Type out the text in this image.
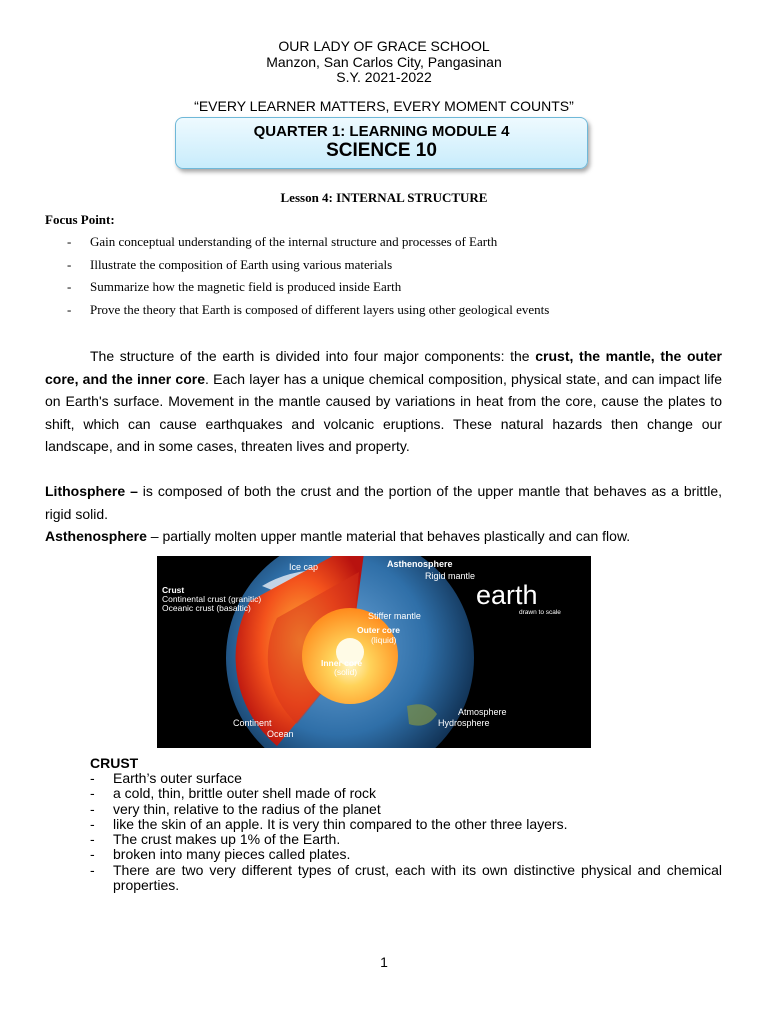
OUR LADY OF GRACE SCHOOL
Manzon, San Carlos City, Pangasinan
S.Y. 2021-2022
“EVERY LEARNER MATTERS, EVERY MOMENT COUNTS”
QUARTER 1: LEARNING MODULE 4
SCIENCE 10
Lesson 4: INTERNAL STRUCTURE
Focus Point:
- Gain conceptual understanding of the internal structure and processes of Earth
- Illustrate the composition of Earth using various materials
- Summarize how the magnetic field is produced inside Earth
- Prove the theory that Earth is composed of different layers using other geological events

The structure of the earth is divided into four major components: the crust, the mantle, the outer core, and the inner core. Each layer has a unique chemical composition, physical state, and can impact life on Earth's surface. Movement in the mantle caused by variations in heat from the core, cause the plates to shift, which can cause earthquakes and volcanic eruptions. These natural hazards then change our landscape, and in some cases, threaten lives and property.

Lithosphere – is composed of both the crust and the portion of the upper mantle that behaves as a brittle, rigid solid.

Asthenosphere – partially molten upper mantle material that behaves plastically and can flow.

Ice cap	Asthenosphere
Rigid mantle
Crust
Continental crust (granitic)
Oceanic crust (basaltic)
Stiffer mantle
Outer core
(liquid)
Inner core
(solid)
earth
drawn to scale
Atmosphere
Hydrosphere
Continent
Ocean
CRUST
- Earth’s outer surface
- a cold, thin, brittle outer shell made of rock
- very thin, relative to the radius of the planet
- like the skin of an apple. It is very thin compared to the other three layers.
- The crust makes up 1% of the Earth.
- broken into many pieces called plates.
- There are two very different types of crust, each with its own distinctive physical and chemical properties.
1
